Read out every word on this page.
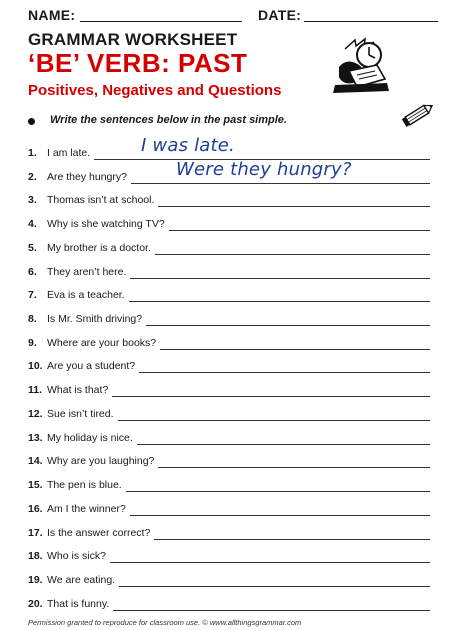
NAME:	DATE:
GRAMMAR WORKSHEET
‘BE’ VERB: PAST
Positives, Negatives and Questions
Write the sentences below in the past simple.
1. I am late.	I was late.
2. Are they hungry?	Were they hungry?
3. Thomas isn’t at school.
4. Why is she watching TV?
5. My brother is a doctor.
6. They aren’t here.
7. Eva is a teacher.
8. Is Mr. Smith driving?
9. Where are your books?
10. Are you a student?
11. What is that?
12. Sue isn’t tired.
13. My holiday is nice.
14. Why are you laughing?
15. The pen is blue.
16. Am I the winner?
17. Is the answer correct?
18. Who is sick?
19. We are eating.
20. That is funny.
Permission granted to reproduce for classroom use. © www.allthingsgrammar.com
